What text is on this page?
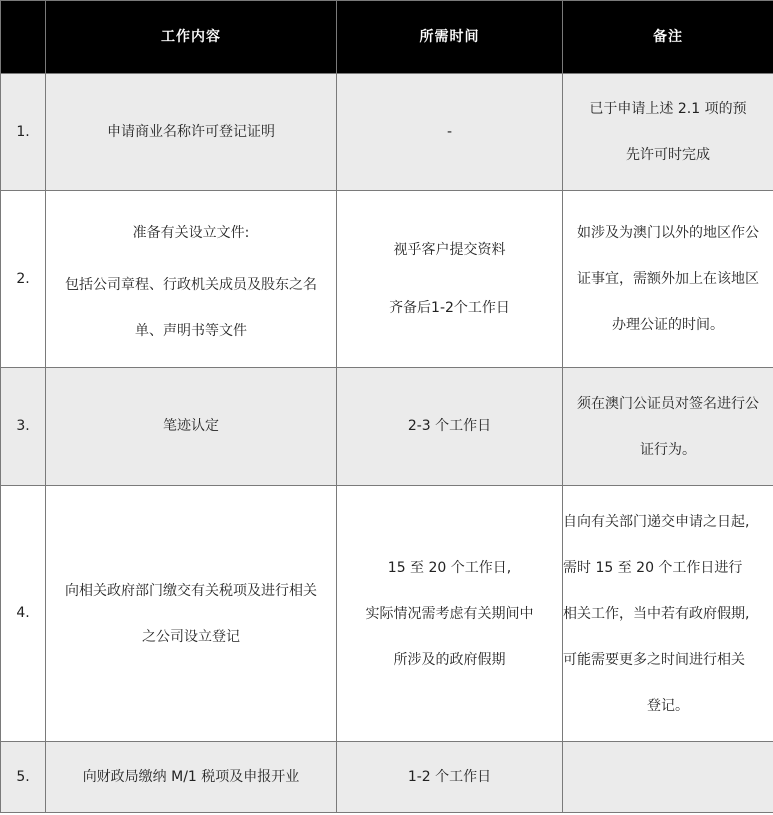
	工作内容	所需时间	备注
1.	申请商业名称许可登记证明	-	已于申请上述 2.1 项的预
先许可时完成

2.	准备有关设立文件:
包括公司章程、行政机关成员及股东之名
单、声明书等文件	视乎客户提交资料
齐备后1-2个工作日	如涉及为澳门以外的地区作公
证事宜，需额外加上在该地区
办理公证的时间。

3.	笔迹认定	2-3 个工作日	须在澳门公证员对签名进行公
证行为。

4.	向相关政府部门缴交有关税项及进行相关
之公司设立登记	15 至 20 个工作日,
实际情况需考虑有关期间中
所涉及的政府假期	自向有关部门递交申请之日起,
需时 15 至 20 个工作日进行
相关工作，当中若有政府假期,
可能需要更多之时间进行相关
登记。

5.	向财政局缴纳 M/1 税项及申报开业	1-2 个工作日	
